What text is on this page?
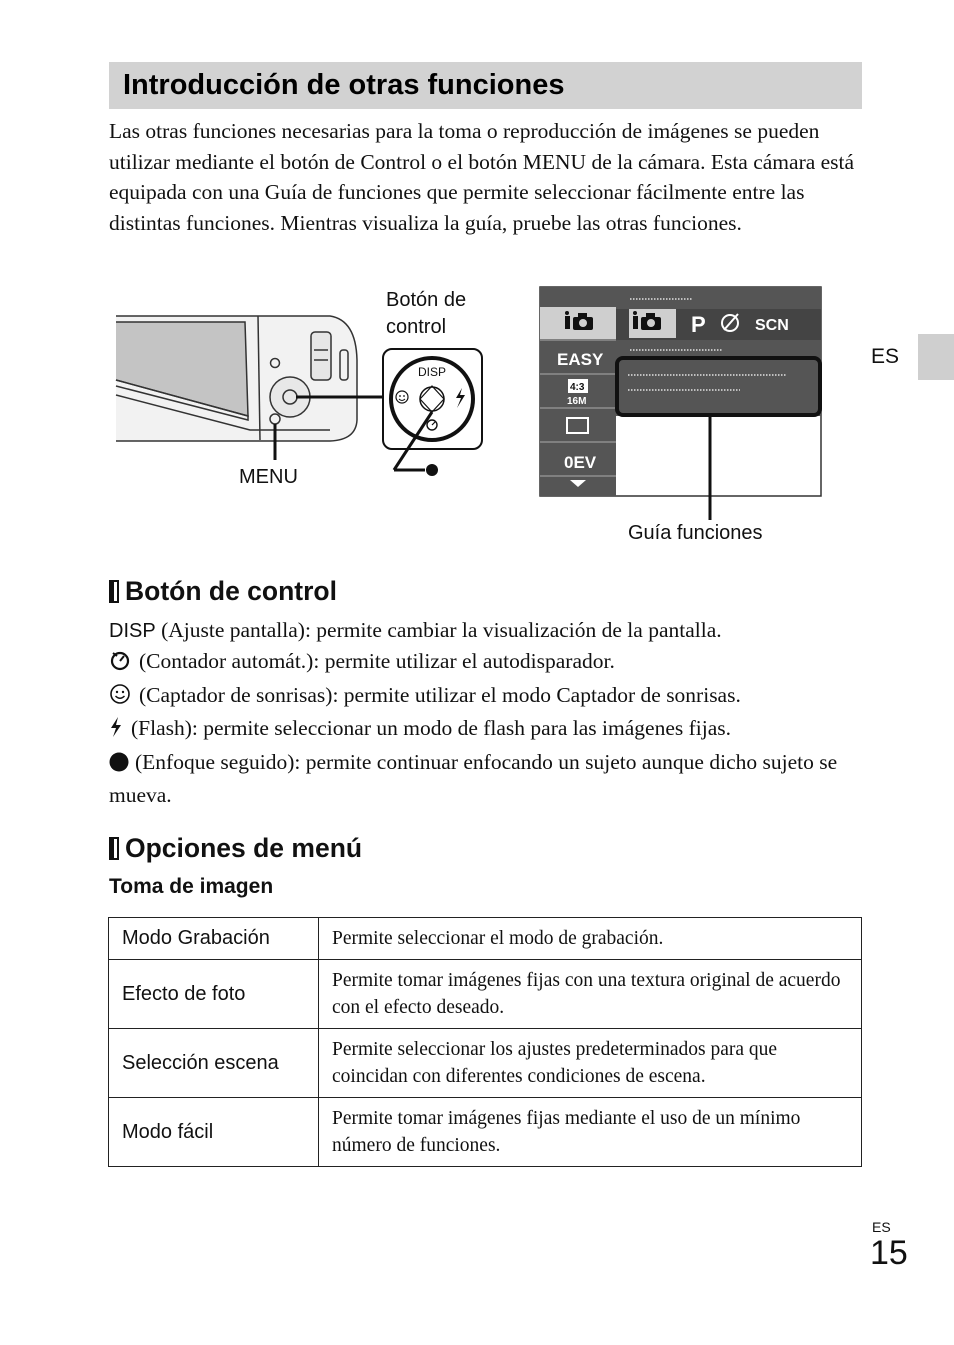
Introducción de otras funciones
Las otras funciones necesarias para la toma o reproducción de imágenes se pueden utilizar mediante el botón de Control o el botón MENU de la cámara. Esta cámara está equipada con una Guía de funciones que permite seleccionar fácilmente entre las distintas funciones. Mientras visualiza la guía, pruebe las otras funciones.
DISP
P	SCN
EASY
4:3
16M
0EV
Botón de
control
MENU
Guía funciones
ES
Botón de control

DISP (Ajuste pantalla): permite cambiar la visualización de la pantalla.

(Contador automát.): permite utilizar el autodisparador.

(Captador de sonrisas): permite utilizar el modo Captador de sonrisas.

(Flash): permite seleccionar un modo de flash para las imágenes fijas.

(Enfoque seguido): permite continuar enfocando un sujeto aunque dicho sujeto se mueva.

Opciones de menú
Toma de imagen
Modo Grabación	Permite seleccionar el modo de grabación.
Efecto de foto	Permite tomar imágenes fijas con una textura original de acuerdo con el efecto deseado.
Selección escena	Permite seleccionar los ajustes predeterminados para que coincidan con diferentes condiciones de escena.
Modo fácil	Permite tomar imágenes fijas mediante el uso de un mínimo número de funciones.
ES
15
